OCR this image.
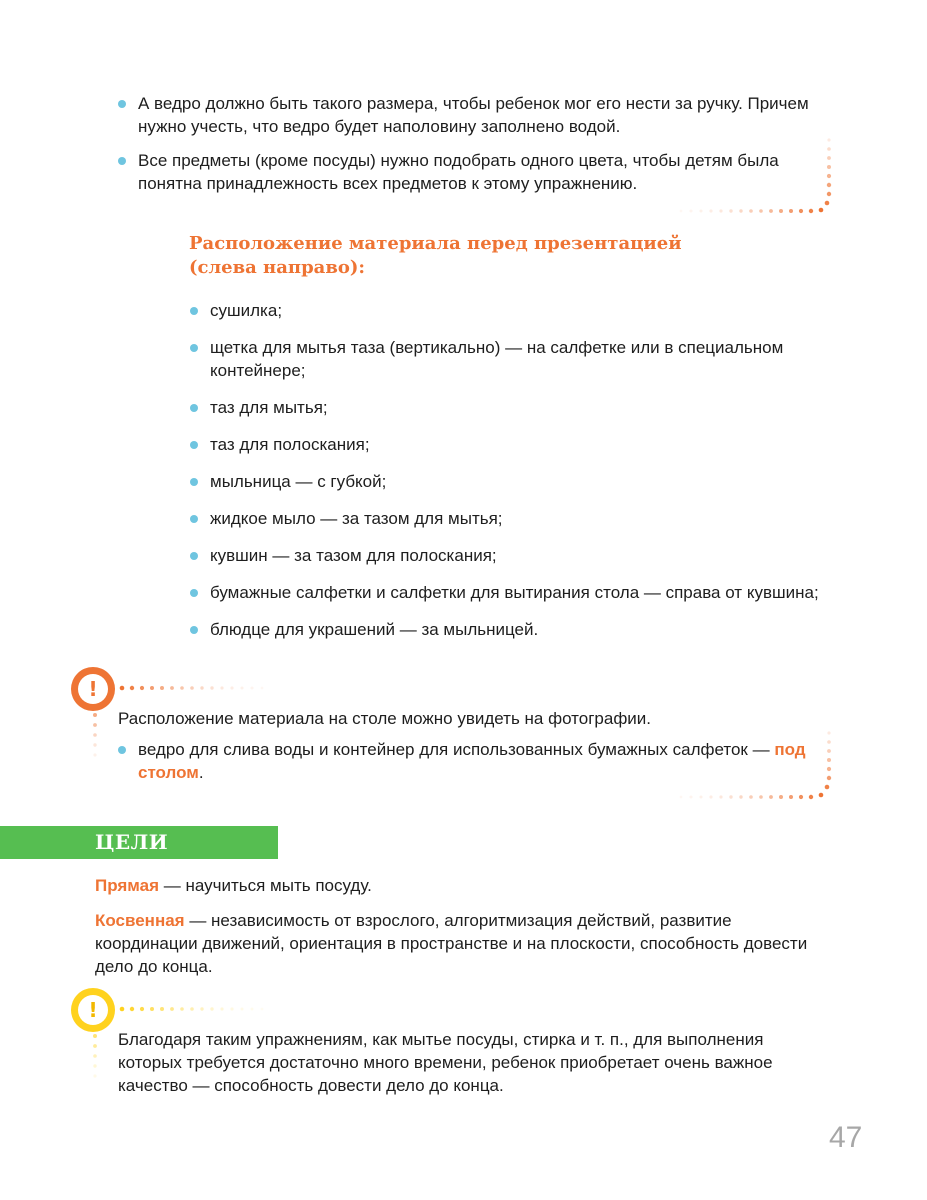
А ведро должно быть такого размера, чтобы ребенок мог его нести за ручку. Причем нужно учесть, что ведро будет наполовину заполнено водой.
Все предметы (кроме посуды) нужно подобрать одного цвета, чтобы детям была понятна принадлежность всех предметов к этому упражнению.
Расположение материала перед презентацией
(слева направо):
сушилка;
щетка для мытья таза (вертикально) — на салфетке или в специальном контейнере;
таз для мытья;
таз для полоскания;
мыльница — с губкой;
жидкое мыло — за тазом для мытья;
кувшин — за тазом для полоскания;
бумажные салфетки и салфетки для вытирания стола — справа от кувшина;
блюдце для украшений — за мыльницей.
!
Расположение материала на столе можно увидеть на фотографии.
ведро для слива воды и контейнер для использованных бумажных салфеток — под столом.
ЦЕЛИ

Прямая — научиться мыть посуду.

Косвенная — независимость от взрослого, алгоритмизация действий, развитие координации движений, ориентация в пространстве и на плоскости, способность довести дело до конца.

!

Благодаря таким упражнениям, как мытье посуды, стирка и т. п., для выполнения которых требуется достаточно много времени, ребенок приобретает очень важное качество — способность довести дело до конца.

47
